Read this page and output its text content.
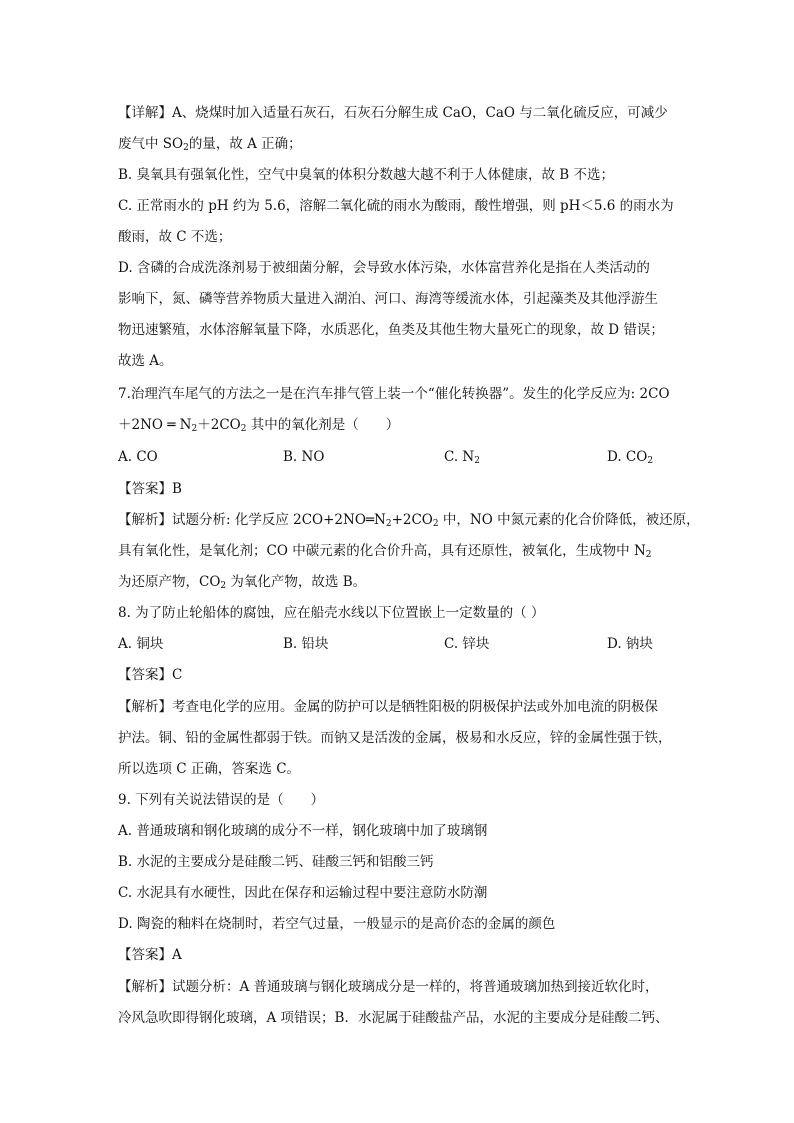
【详解】A、烧煤时加入适量石灰石，石灰石分解生成 CaO，CaO 与二氧化硫反应，可减少
废气中 $SO_2$的量，故 A 正确；
B. 臭氧具有强氧化性，空气中臭氧的体积分数越大越不利于人体健康，故 B 不选；
C. 正常雨水的 pH 约为 5.6，溶解二氧化硫的雨水为酸雨，酸性增强，则 pH＜5.6 的雨水为
酸雨，故 C 不选；
D. 含磷的合成洗涤剂易于被细菌分解，会导致水体污染，水体富营养化是指在人类活动的
影响下，氮、磷等营养物质大量进入湖泊、河口、海湾等缓流水体，引起藻类及其他浮游生
物迅速繁殖，水体溶解氧量下降，水质恶化，鱼类及其他生物大量死亡的现象，故 D 错误；
故选 A。
7.治理汽车尾气的方法之一是在汽车排气管上装一个“催化转换器”。发生的化学反应为: 2CO
＋2NO ═ $N_2+2CO_2$ 其中的氧化剂是（　　）
A. CO	B. NO	C. $N_2$	D. $CO_2$
【答案】B
【解析】试题分析: 化学反应 $2CO+2NO═N_2+2CO_2$ 中，NO 中氮元素的化合价降低，被还原，
具有氧化性，是氧化剂；CO 中碳元素的化合价升高，具有还原性，被氧化，生成物中 $N_2$
为还原产物，$CO_2$ 为氧化产物，故选 B。
8. 为了防止轮船体的腐蚀，应在船壳水线以下位置嵌上一定数量的（ ）
A. 铜块	B. 铅块	C. 锌块	D. 钠块
【答案】C
【解析】考查电化学的应用。金属的防护可以是牺牲阳极的阴极保护法或外加电流的阴极保
护法。铜、铅的金属性都弱于铁。而钠又是活泼的金属，极易和水反应，锌的金属性强于铁，
所以选项 C 正确，答案选 C。
9. 下列有关说法错误的是（　　）
A. 普通玻璃和钢化玻璃的成分不一样，钢化玻璃中加了玻璃钢
B. 水泥的主要成分是硅酸二钙、硅酸三钙和铝酸三钙
C. 水泥具有水硬性，因此在保存和运输过程中要注意防水防潮
D. 陶瓷的釉料在烧制时，若空气过量，一般显示的是高价态的金属的颜色
【答案】A
【解析】试题分析：A 普通玻璃与钢化玻璃成分是一样的，将普通玻璃加热到接近软化时，
冷风急吹即得钢化玻璃，A 项错误；B．水泥属于硅酸盐产品，水泥的主要成分是硅酸二钙、
